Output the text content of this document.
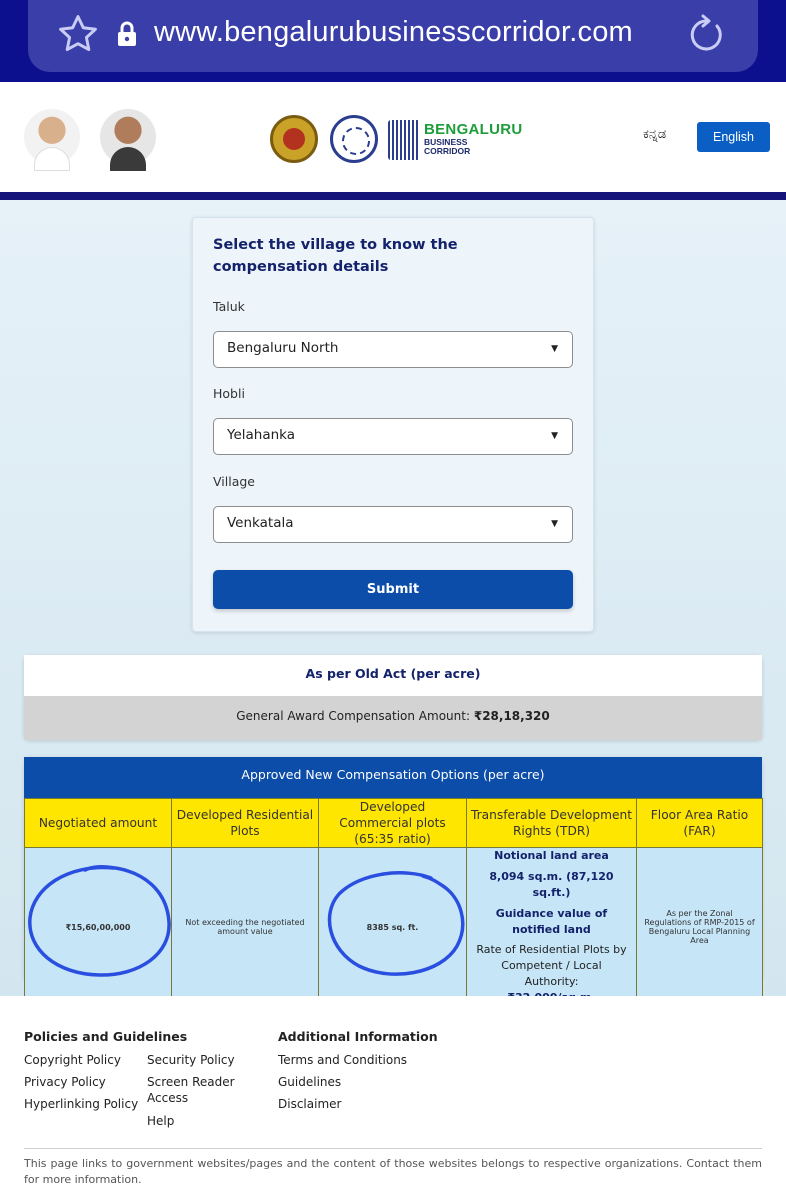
www.bengalurubusinesscorridor.com
BENGALURU
BUSINESS
CORRIDOR
ಕನ್ನಡ	English
Select the village to know the compensation details
Taluk
Bengaluru North	▼
Hobli
Yelahanka	▼
Village
Venkatala	▼
Submit
As per Old Act (per acre)
General Award Compensation Amount: ₹28,18,320
Approved New Compensation Options (per acre)
Negotiated amount	Developed Residential Plots	Developed Commercial plots (65:35 ratio)	Transferable Development Rights (TDR)	Floor Area Ratio (FAR)
₹15,60,00,000	Not exceeding the negotiated amount value	8385 sq. ft.	Notional land area

8,094 sq.m. (87,120 sq.ft.)

Guidance value of notified land

Rate of Residential Plots by Competent / Local Authority:	As per the Zonal Regulations of RMP-2015 of Bengaluru Local Planning Area
Policies and Guidelines
Copyright Policy
Privacy Policy
Hyperlinking Policy
Security Policy
Screen Reader Access
Help
Additional Information
Terms and Conditions
Guidelines
Disclaimer
This page links to government websites/pages and the content of those websites belongs to respective organizations. Contact them for more information.
